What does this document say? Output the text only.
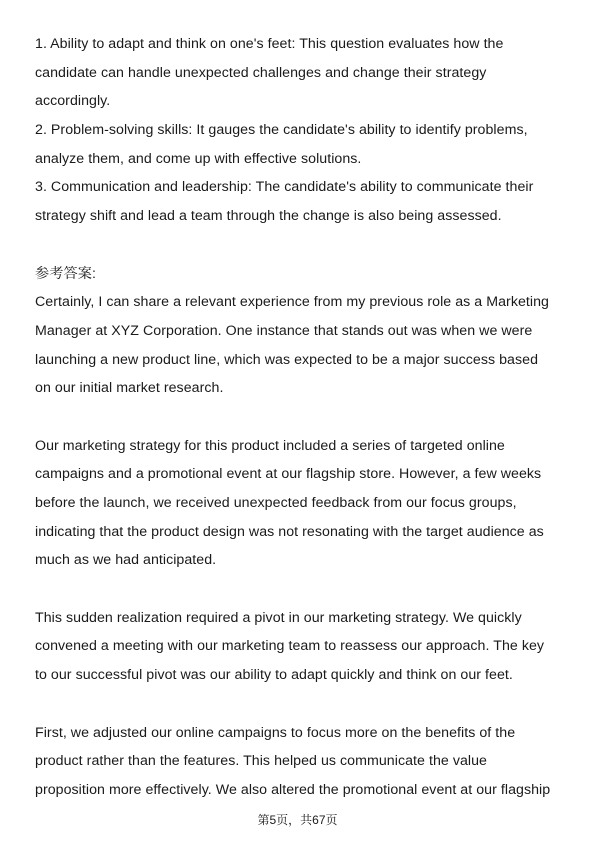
1. Ability to adapt and think on one's feet: This question evaluates how the
candidate can handle unexpected challenges and change their strategy
accordingly.
2. Problem-solving skills: It gauges the candidate's ability to identify problems,
analyze them, and come up with effective solutions.
3. Communication and leadership: The candidate's ability to communicate their
strategy shift and lead a team through the change is also being assessed.
参考答案:
Certainly, I can share a relevant experience from my previous role as a Marketing
Manager at XYZ Corporation. One instance that stands out was when we were
launching a new product line, which was expected to be a major success based
on our initial market research.
Our marketing strategy for this product included a series of targeted online
campaigns and a promotional event at our flagship store. However, a few weeks
before the launch, we received unexpected feedback from our focus groups,
indicating that the product design was not resonating with the target audience as
much as we had anticipated.
This sudden realization required a pivot in our marketing strategy. We quickly
convened a meeting with our marketing team to reassess our approach. The key
to our successful pivot was our ability to adapt quickly and think on our feet.
First, we adjusted our online campaigns to focus more on the benefits of the
product rather than the features. This helped us communicate the value
proposition more effectively. We also altered the promotional event at our flagship
第5页，共67页
